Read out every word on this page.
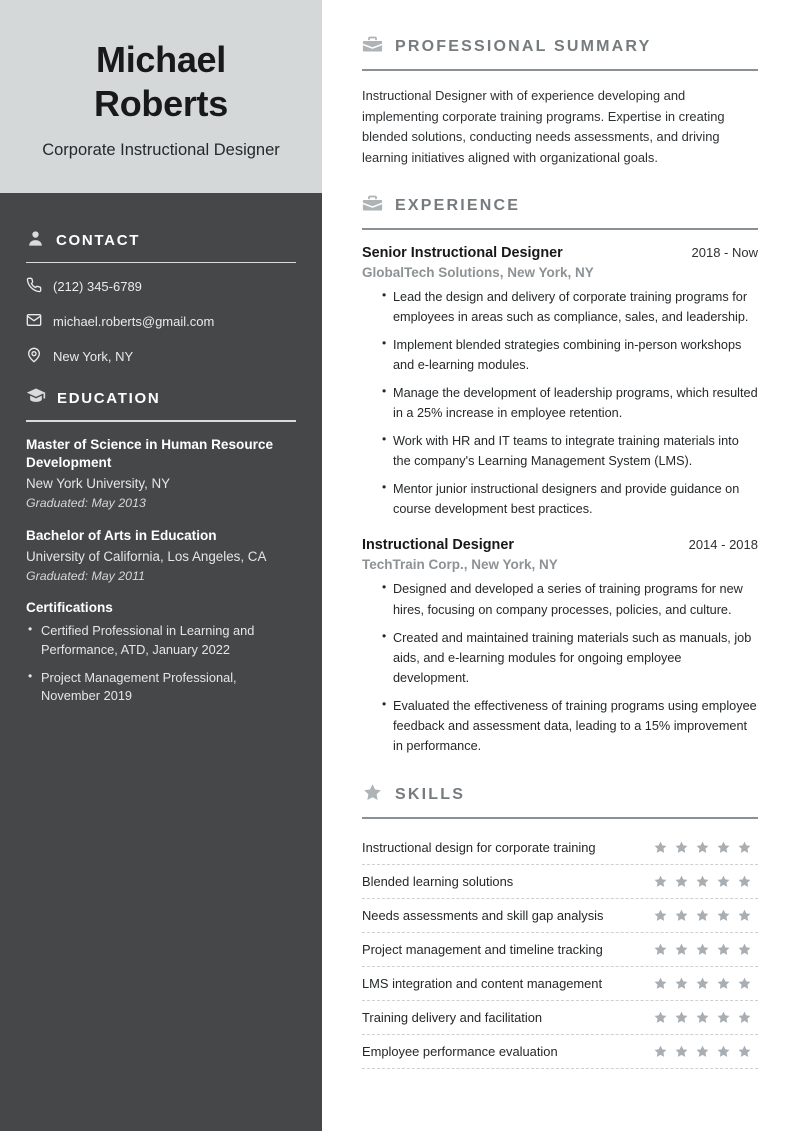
Michael
Roberts
Corporate Instructional Designer
CONTACT
(212) 345-6789
michael.roberts@gmail.com
New York, NY
EDUCATION
Master of Science in Human Resource Development
New York University, NY
Graduated: May 2013
Bachelor of Arts in Education
University of California, Los Angeles, CA
Graduated: May 2011
Certifications
• Certified Professional in Learning and Performance, ATD, January 2022
• Project Management Professional, November 2019
PROFESSIONAL SUMMARY

Instructional Designer with of experience developing and implementing corporate training programs. Expertise in creating blended solutions, conducting needs assessments, and driving learning initiatives aligned with organizational goals.

EXPERIENCE
Senior Instructional Designer	2018 - Now
GlobalTech Solutions, New York, NY
• Lead the design and delivery of corporate training programs for employees in areas such as compliance, sales, and leadership.
• Implement blended strategies combining in-person workshops and e-learning modules.
• Manage the development of leadership programs, which resulted in a 25% increase in employee retention.
• Work with HR and IT teams to integrate training materials into the company's Learning Management System (LMS).
• Mentor junior instructional designers and provide guidance on course development best practices.
Instructional Designer	2014 - 2018
TechTrain Corp., New York, NY
• Designed and developed a series of training programs for new hires, focusing on company processes, policies, and culture.
• Created and maintained training materials such as manuals, job aids, and e-learning modules for ongoing employee development.
• Evaluated the effectiveness of training programs using employee feedback and assessment data, leading to a 15% improvement in performance.
SKILLS
Instructional design for corporate training
Blended learning solutions
Needs assessments and skill gap analysis
Project management and timeline tracking
LMS integration and content management
Training delivery and facilitation
Employee performance evaluation
